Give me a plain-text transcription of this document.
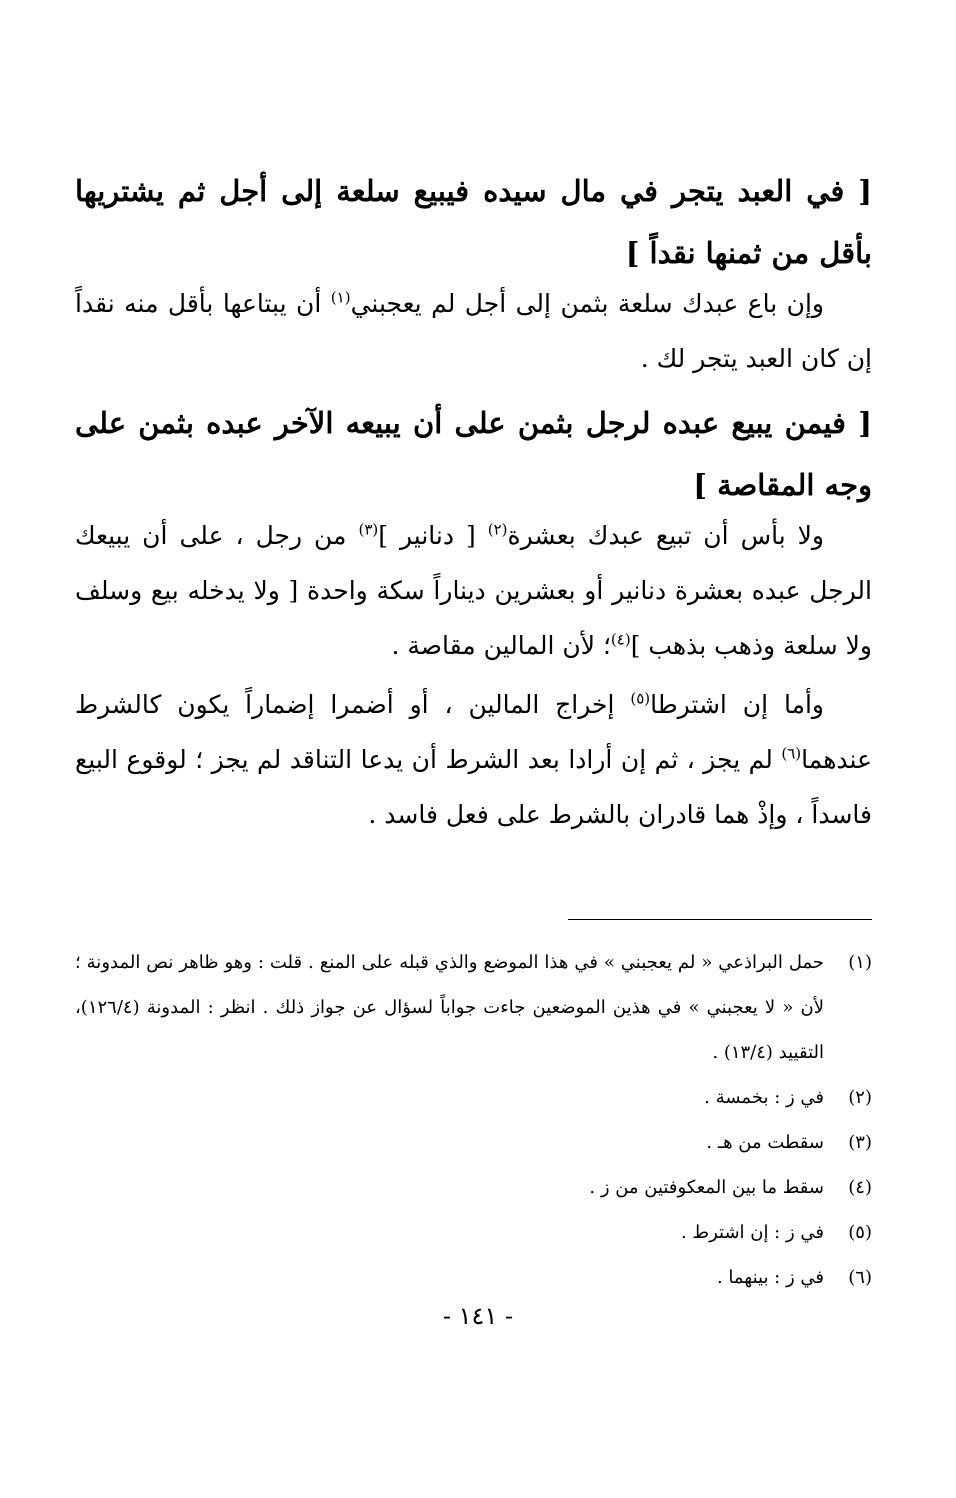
[ في العبد يتجر في مال سيده فيبيع سلعة إلى أجل ثم يشتريها بأقل من ثمنها نقداً ]

وإن باع عبدك سلعة بثمن إلى أجل لم يعجبني$^{(١)}$ أن يبتاعها بأقل منه نقداً إن كان العبد يتجر لك .

[ فيمن يبيع عبده لرجل بثمن على أن يبيعه الآخر عبده بثمن على وجه المقاصة ]

ولا بأس أن تبيع عبدك بعشرة$^{(٢)}$ [ دنانير ]$^{(٣)}$ من رجل ، على أن يبيعك الرجل عبده بعشرة دنانير أو بعشرين ديناراً سكة واحدة [ ولا يدخله بيع وسلف ولا سلعة وذهب بذهب ]$^{(٤)}$؛ لأن المالين مقاصة .

وأما إن اشترطا$^{(٥)}$ إخراج المالين ، أو أضمرا إضماراً يكون كالشرط عندهما$^{(٦)}$ لم يجز ، ثم إن أرادا بعد الشرط أن يدعا التناقد لم يجز ؛ لوقوع البيع فاسداً ، وإذْ هما قادران بالشرط على فعل فاسد .

(١)
حمل البراذعي « لم يعجبني » في هذا الموضع والذي قبله على المنع . قلت : وهو ظاهر نص المدونة ؛ لأن « لا يعجبني » في هذين الموضعين جاءت جواباً لسؤال عن جواز ذلك . انظر : المدونة (١٢٦/٤)، التقييد (١٣/٤) .
(٢)
في ز : بخمسة .
(٣)
سقطت من هـ .
(٤)
سقط ما بين المعكوفتين من ز .
(٥)
في ز : إن اشترط .
(٦)
في ز : بينهما .
- ١٤١ -
